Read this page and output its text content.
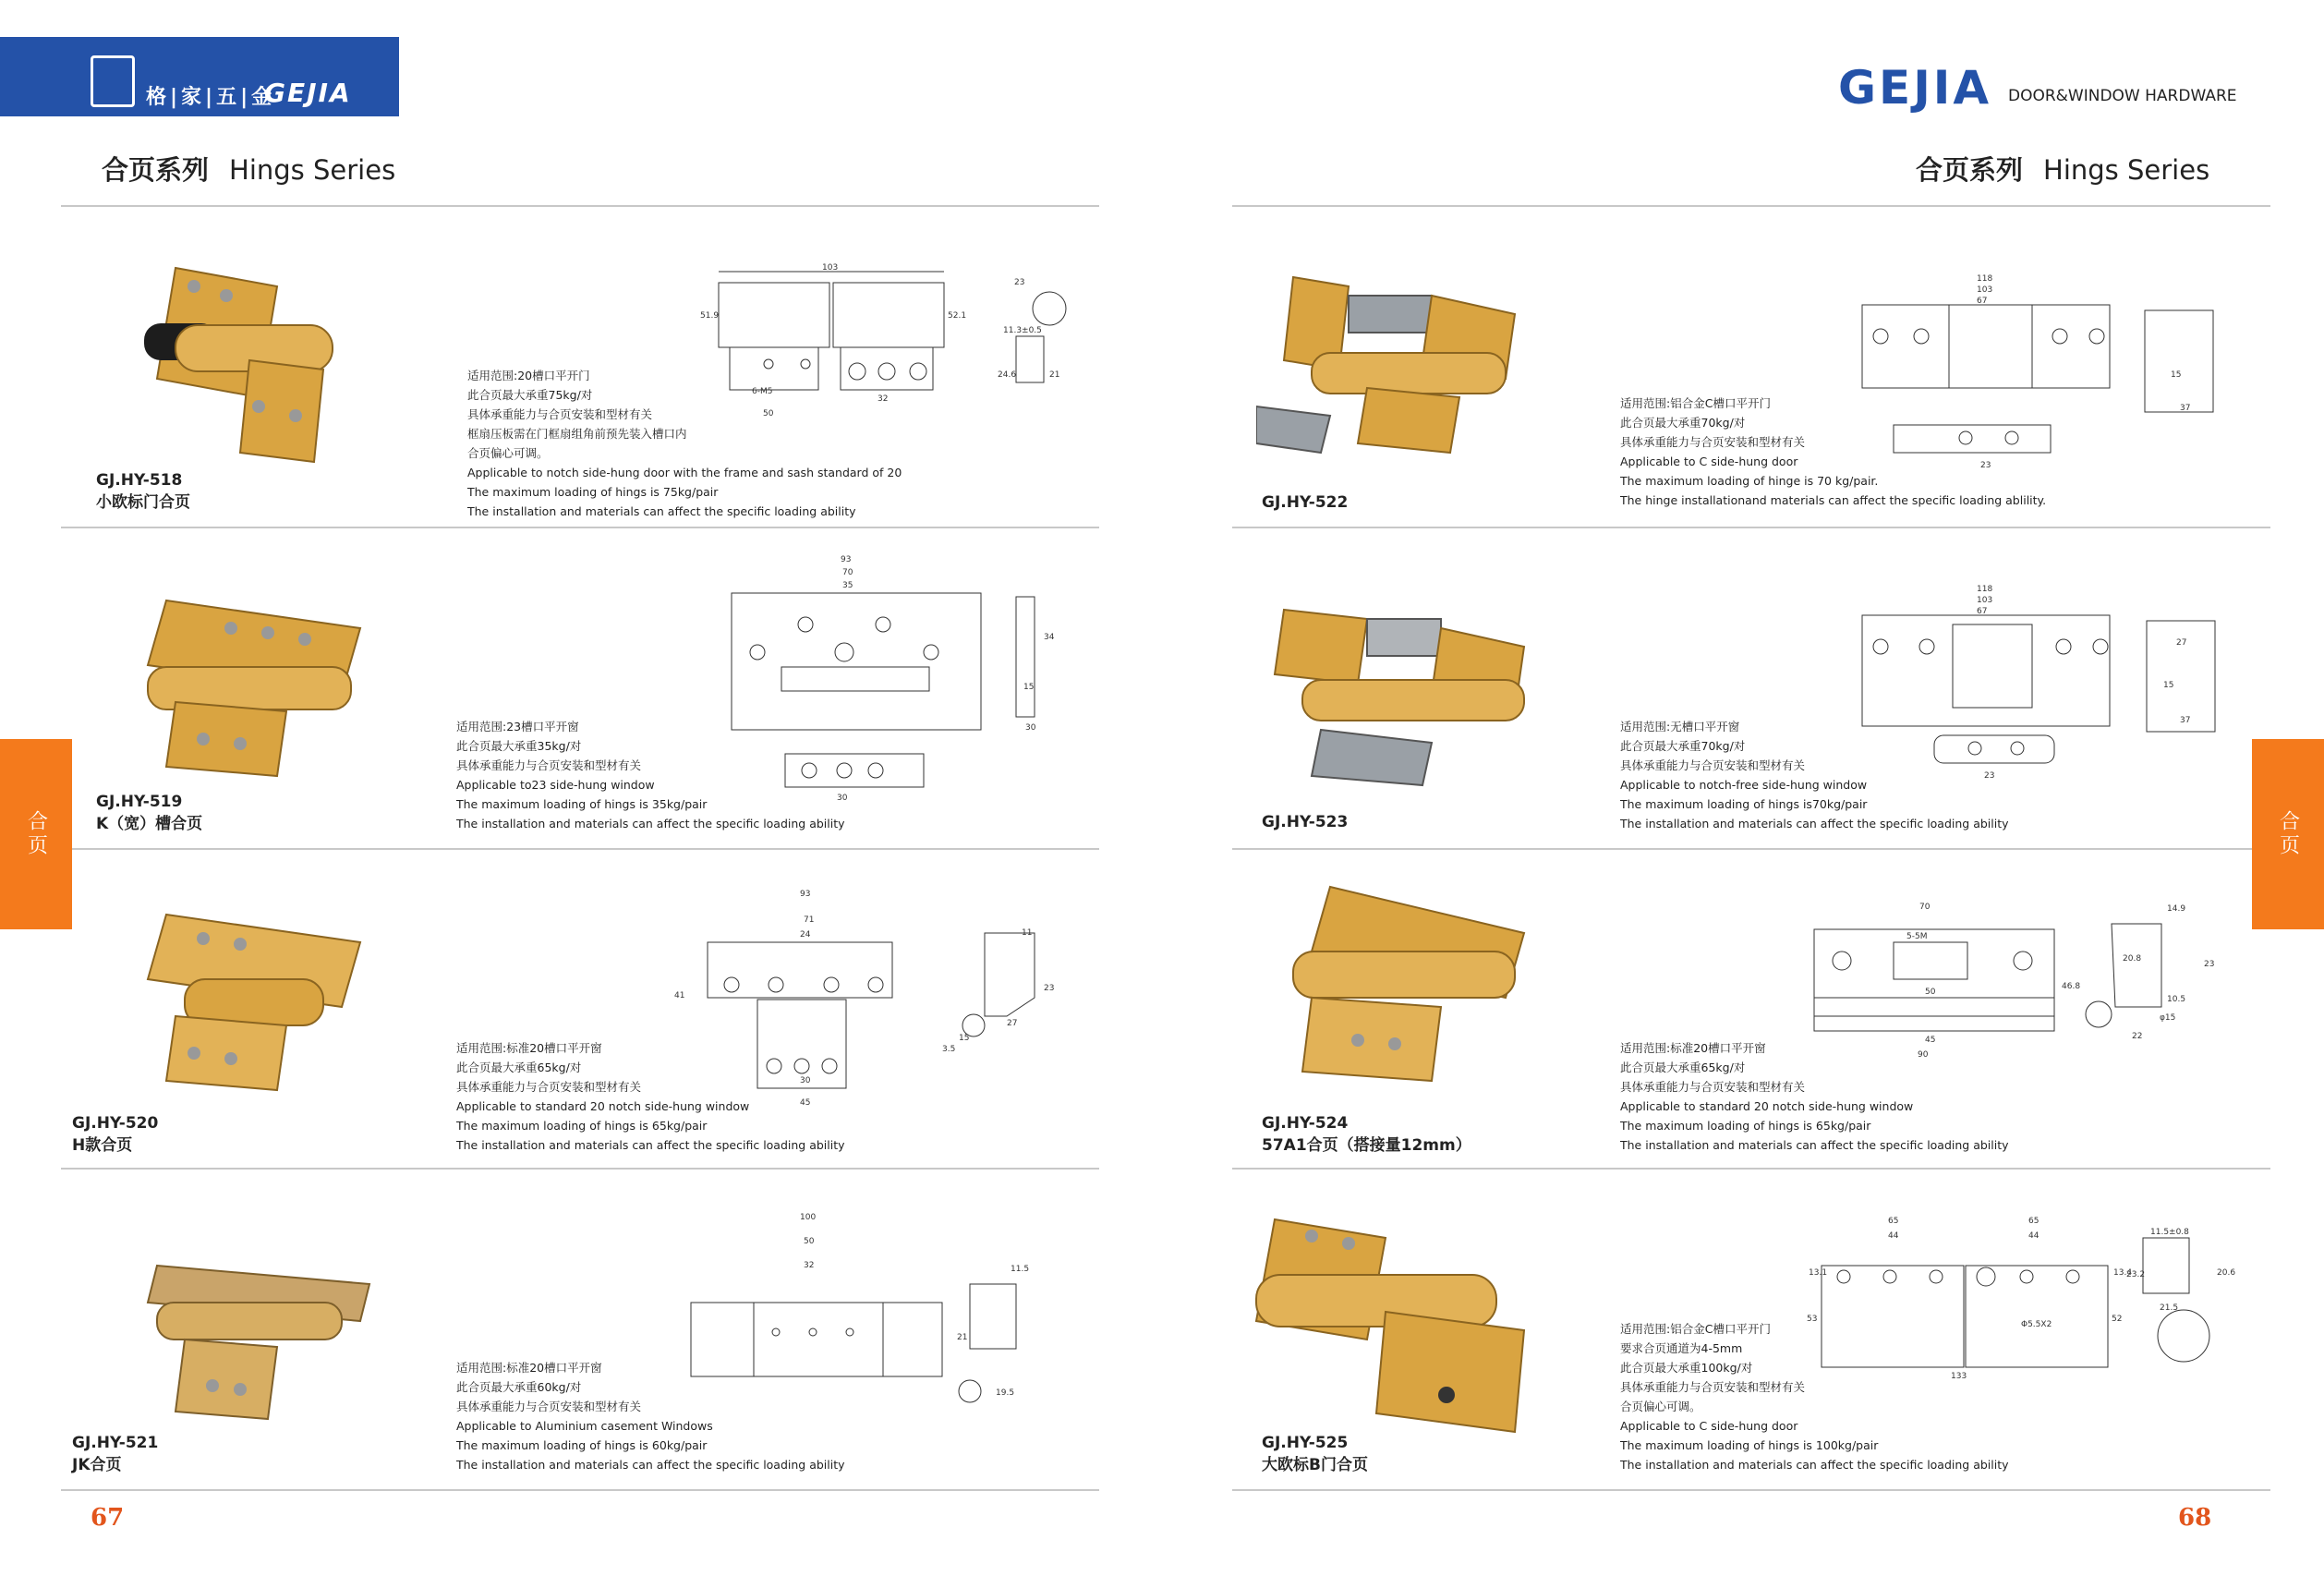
格|家|五|金
GEJIA	GEJIA DOOR&WINDOW HARDWARE
合页系列 Hings Series	合页系列 Hings Series
合页	合页
GJ.HY-518
小欧标门合页
适用范围:20槽口平开门
此合页最大承重75kg/对
具体承重能力与合页安装和型材有关
框扇压板需在门框扇组角前预先装入槽口内
合页偏心可调。
Applicable to notch side-hung door with the frame and sash standard of 20
The maximum loading of hings is 75kg/pair
The installation and materials can affect the specific loading ability
103
23
51.9	52.1
11.3±0.5
6-M5
32
50
24.6	21
GJ.HY-519
K（宽）槽合页
适用范围:23槽口平开窗
此合页最大承重35kg/对
具体承重能力与合页安装和型材有关
Applicable to23 side-hung window
The maximum loading of hings is 35kg/pair
The installation and materials can affect the specific loading ability
93
70
35
34
15
30
30
GJ.HY-520
H款合页
适用范围:标准20槽口平开窗
此合页最大承重65kg/对
具体承重能力与合页安装和型材有关
Applicable to standard 20 notch side-hung window
The maximum loading of hings is 65kg/pair
The installation and materials can affect the specific loading ability
93
71
24
41
30
45
11
23
27
3.5
15
GJ.HY-521
JK合页
适用范围:标准20槽口平开窗
此合页最大承重60kg/对
具体承重能力与合页安装和型材有关
Applicable to Aluminium casement Windows
The maximum loading of hings is 60kg/pair
The installation and materials can affect the specific loading ability
100
50
32	11.5
21
19.5
67
GJ.HY-522
适用范围:铝合金C槽口平开门
此合页最大承重70kg/对
具体承重能力与合页安装和型材有关
Applicable to C side-hung door
The maximum loading of hinge is 70 kg/pair.
The hinge installationand materials can affect the specific loading ablility.
118
103
67
23
15
37
GJ.HY-523
适用范围:无槽口平开窗
此合页最大承重70kg/对
具体承重能力与合页安装和型材有关
Applicable to notch-free side-hung window
The maximum loading of hings is70kg/pair
The installation and materials can affect the specific loading ability
118
103
67
27
15
37
23
GJ.HY-524
57A1合页（搭接量12mm）
适用范围:标准20槽口平开窗
此合页最大承重65kg/对
具体承重能力与合页安装和型材有关
Applicable to standard 20 notch side-hung window
The maximum loading of hings is 65kg/pair
The installation and materials can affect the specific loading ability
70
5-5M
50
45
90
46.8
14.9
20.8
23
10.5
φ15
22
GJ.HY-525
大欧标B门合页
适用范围:铝合金C槽口平开门
要求合页通道为4-5mm
此合页最大承重100kg/对
具体承重能力与合页安装和型材有关
合页偏心可调。
Applicable to C side-hung door
The maximum loading of hings is 100kg/pair
The installation and materials can affect the specific loading ability
65
44
65
44
13.1	13.4
53	52
23.2
Φ5.5X2
133
11.5±0.8
20.6
21.5
68
